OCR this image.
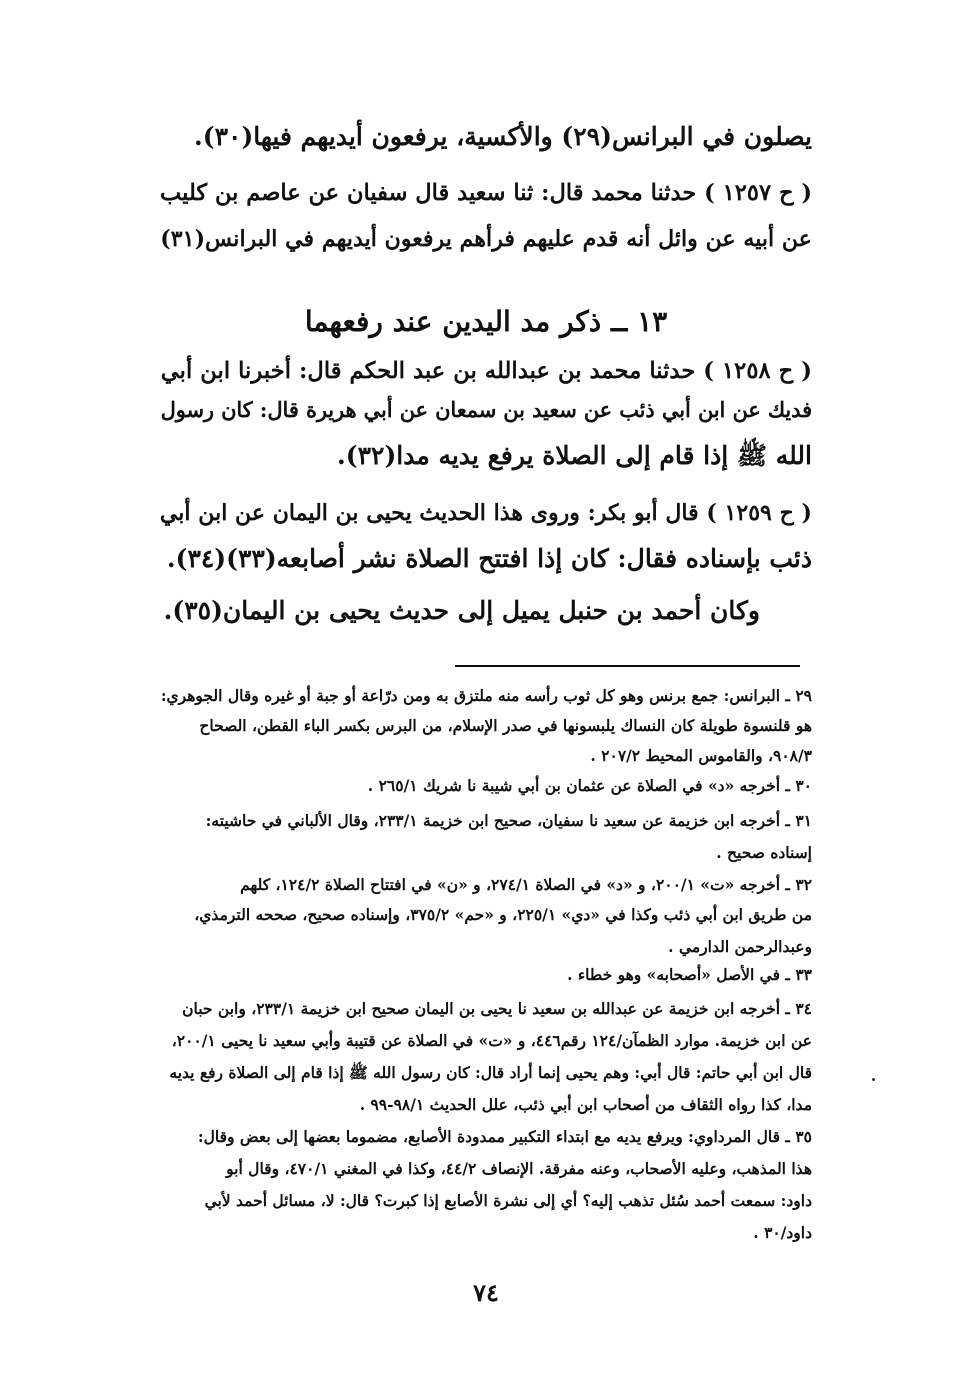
يصلون في البرانس(٢٩) والأكسية، يرفعون أيديهم فيها(٣٠).
( ح ١٢٥٧ ) حدثنا محمد قال: ثنا سعيد قال سفيان عن عاصم بن كليب
عن أبيه عن وائل أنه قدم عليهم فرأهم يرفعون أيديهم في البرانس(٣١)
١٣ ــ ذكر مد اليدين عند رفعهما
( ح ١٢٥٨ ) حدثنا محمد بن عبدالله بن عبد الحكم قال: أخبرنا ابن أبي
فديك عن ابن أبي ذئب عن سعيد بن سمعان عن أبي هريرة قال: كان رسول
الله ﷺ إذا قام إلى الصلاة يرفع يديه مدا(٣٢).
( ح ١٢٥٩ ) قال أبو بكر: وروى هذا الحديث يحيى بن اليمان عن ابن أبي
ذئب بإسناده فقال: كان إذا افتتح الصلاة نشر أصابعه(٣٣)(٣٤).
وكان أحمد بن حنبل يميل إلى حديث يحيى بن اليمان(٣٥).
٢٩ ـ البرانس: جمع برنس وهو كل ثوب رأسه منه ملتزق به ومن درّاعة أو جبة أو غيره وقال الجوهري:
هو قلنسوة طويلة كان النساك يلبسونها في صدر الإسلام، من البرس بكسر الباء القطن، الصحاح
٩٠٨/٣، والقاموس المحيط ٢٠٧/٢ .
٣٠ ـ أخرجه «د» في الصلاة عن عثمان بن أبي شيبة نا شريك ٢٦٥/١ .
٣١ ـ أخرجه ابن خزيمة عن سعيد نا سفيان، صحيح ابن خزيمة ٢٣٣/١، وقال الألباني في حاشيته:
إسناده صحيح .
٣٢ ـ أخرجه «ت» ٢٠٠/١، و «د» في الصلاة ٢٧٤/١، و «ن» في افتتاح الصلاة ١٢٤/٢، كلهم
من طريق ابن أبي ذئب وكذا في «دي» ٢٢٥/١، و «حم» ٣٧٥/٢، وإسناده صحيح، صححه الترمذي،
وعبدالرحمن الدارمي .
٣٣ ـ في الأصل «أصحابه» وهو خطاء .
٣٤ ـ أخرجه ابن خزيمة عن عبدالله بن سعيد نا يحيى بن اليمان صحيح ابن خزيمة ٢٣٣/١، وابن حبان
عن ابن خزيمة. موارد الظمآن/١٢٤ رقم٤٤٦، و «ت» في الصلاة عن قتيبة وأبي سعيد نا يحيى ٢٠٠/١،
قال ابن أبي حاتم: قال أبي: وهم يحيى إنما أراد قال: كان رسول الله ﷺ إذا قام إلى الصلاة رفع يديه
مدا، كذا رواه الثقاف من أصحاب ابن أبي ذئب، علل الحديث ٩٨/١-٩٩ .
٣٥ ـ قال المرداوي: ويرفع يديه مع ابتداء التكبير ممدودة الأصابع، مضموما بعضها إلى بعض وقال:
هذا المذهب، وعليه الأصحاب، وعنه مفرقة. الإنصاف ٤٤/٢، وكذا في المغني ٤٧٠/١، وقال أبو
داود: سمعت أحمد سُئل تذهب إليه؟ أي إلى نشرة الأصابع إذا كبرت؟ قال: لا، مسائل أحمد لأبي
داود/٣٠ .
٧٤
